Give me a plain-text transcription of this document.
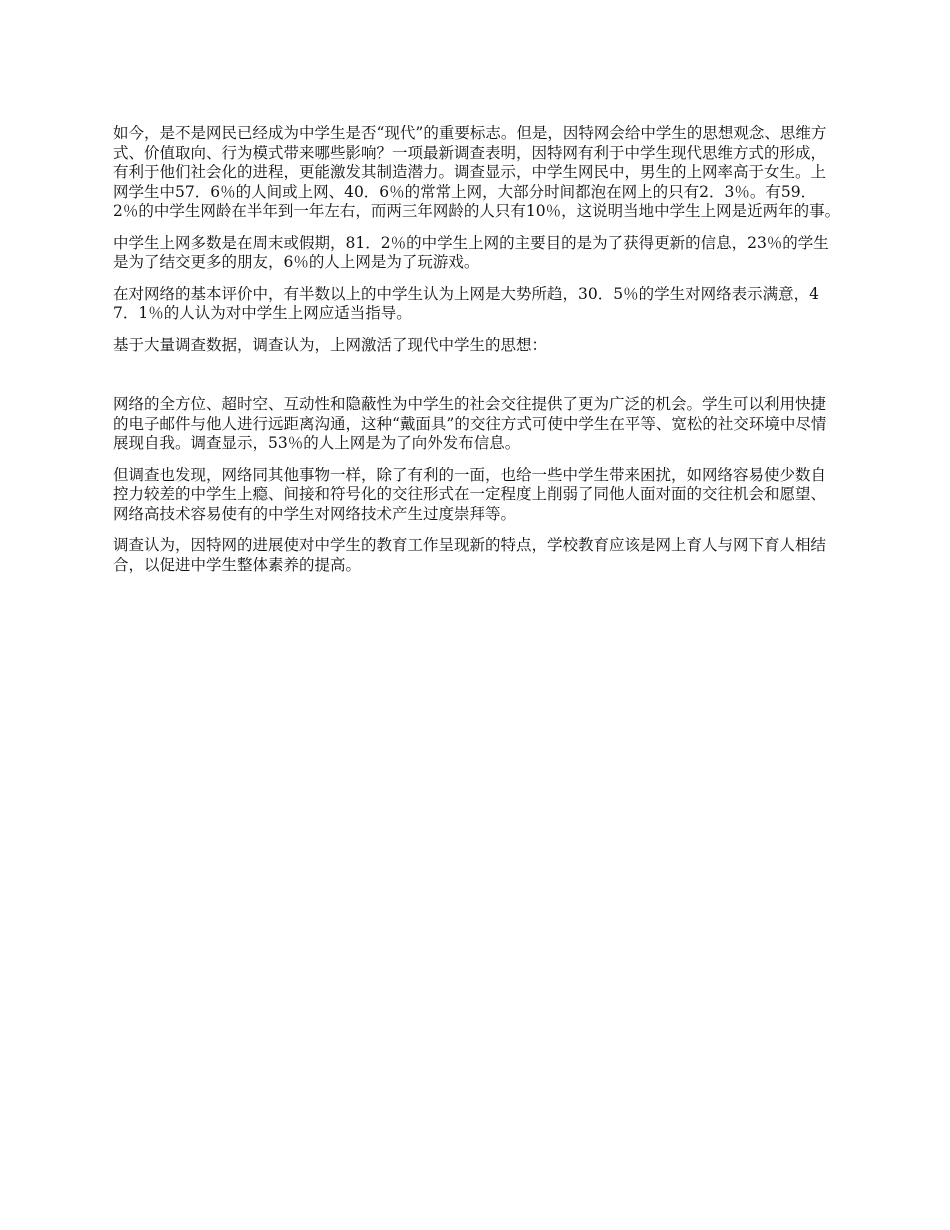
如今，是不是网民已经成为中学生是否“现代”的重要标志。但是，因特网会给中学生的思想观念、思维方式、价值取向、行为模式带来哪些影响？一项最新调查表明，因特网有利于中学生现代思维方式的形成，有利于他们社会化的进程，更能激发其制造潜力。调查显示，中学生网民中，男生的上网率高于女生。上网学生中57．6％的人间或上网、40．6％的常常上网，大部分时间都泡在网上的只有2．3％。有59．2％的中学生网龄在半年到一年左右，而两三年网龄的人只有10％，这说明当地中学生上网是近两年的事。

中学生上网多数是在周末或假期，81．2％的中学生上网的主要目的是为了获得更新的信息，23％的学生是为了结交更多的朋友，6％的人上网是为了玩游戏。

在对网络的基本评价中，有半数以上的中学生认为上网是大势所趋，30．5％的学生对网络表示满意，47．1％的人认为对中学生上网应适当指导。

基于大量调查数据，调查认为，上网激活了现代中学生的思想：

网络的全方位、超时空、互动性和隐蔽性为中学生的社会交往提供了更为广泛的机会。学生可以利用快捷的电子邮件与他人进行远距离沟通，这种“戴面具”的交往方式可使中学生在平等、宽松的社交环境中尽情展现自我。调查显示，53％的人上网是为了向外发布信息。

但调查也发现，网络同其他事物一样，除了有利的一面，也给一些中学生带来困扰，如网络容易使少数自控力较差的中学生上瘾、间接和符号化的交往形式在一定程度上削弱了同他人面对面的交往机会和愿望、网络高技术容易使有的中学生对网络技术产生过度崇拜等。

调查认为，因特网的进展使对中学生的教育工作呈现新的特点，学校教育应该是网上育人与网下育人相结合，以促进中学生整体素养的提高。
